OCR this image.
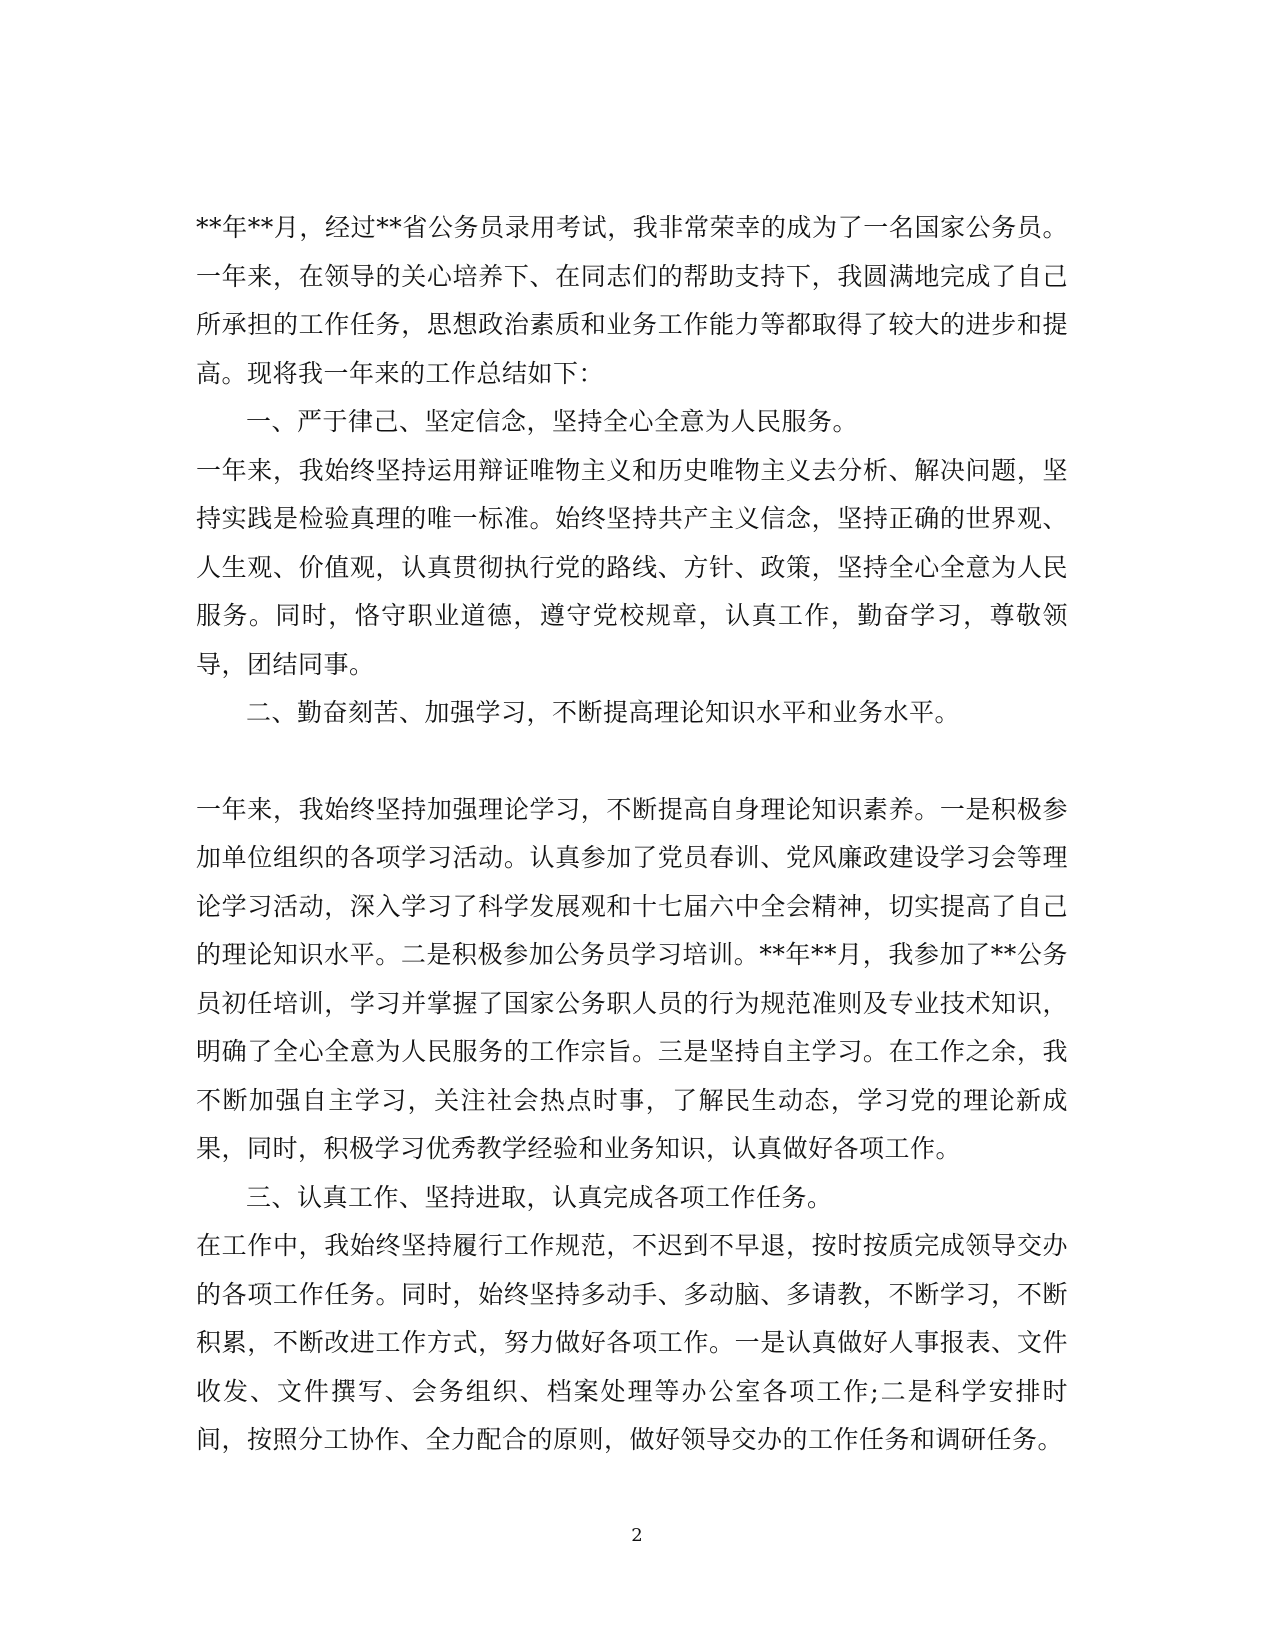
**年**月，经过**省公务员录用考试，我非常荣幸的成为了一名国家公务员。一年来，在领导的关心培养下、在同志们的帮助支持下，我圆满地完成了自己所承担的工作任务，思想政治素质和业务工作能力等都取得了较大的进步和提高。现将我一年来的工作总结如下：

一、严于律己、坚定信念，坚持全心全意为人民服务。

一年来，我始终坚持运用辩证唯物主义和历史唯物主义去分析、解决问题，坚持实践是检验真理的唯一标准。始终坚持共产主义信念，坚持正确的世界观、人生观、价值观，认真贯彻执行党的路线、方针、政策，坚持全心全意为人民服务。同时，恪守职业道德，遵守党校规章，认真工作，勤奋学习，尊敬领导，团结同事。

二、勤奋刻苦、加强学习，不断提高理论知识水平和业务水平。

一年来，我始终坚持加强理论学习，不断提高自身理论知识素养。一是积极参加单位组织的各项学习活动。认真参加了党员春训、党风廉政建设学习会等理论学习活动，深入学习了科学发展观和十七届六中全会精神，切实提高了自己的理论知识水平。二是积极参加公务员学习培训。**年**月，我参加了**公务员初任培训，学习并掌握了国家公务职人员的行为规范准则及专业技术知识，明确了全心全意为人民服务的工作宗旨。三是坚持自主学习。在工作之余，我不断加强自主学习，关注社会热点时事，了解民生动态，学习党的理论新成果，同时，积极学习优秀教学经验和业务知识，认真做好各项工作。

三、认真工作、坚持进取，认真完成各项工作任务。

在工作中，我始终坚持履行工作规范，不迟到不早退，按时按质完成领导交办的各项工作任务。同时，始终坚持多动手、多动脑、多请教，不断学习，不断积累，不断改进工作方式，努力做好各项工作。一是认真做好人事报表、文件收发、文件撰写、会务组织、档案处理等办公室各项工作;二是科学安排时间，按照分工协作、全力配合的原则，做好领导交办的工作任务和调研任务。

2
